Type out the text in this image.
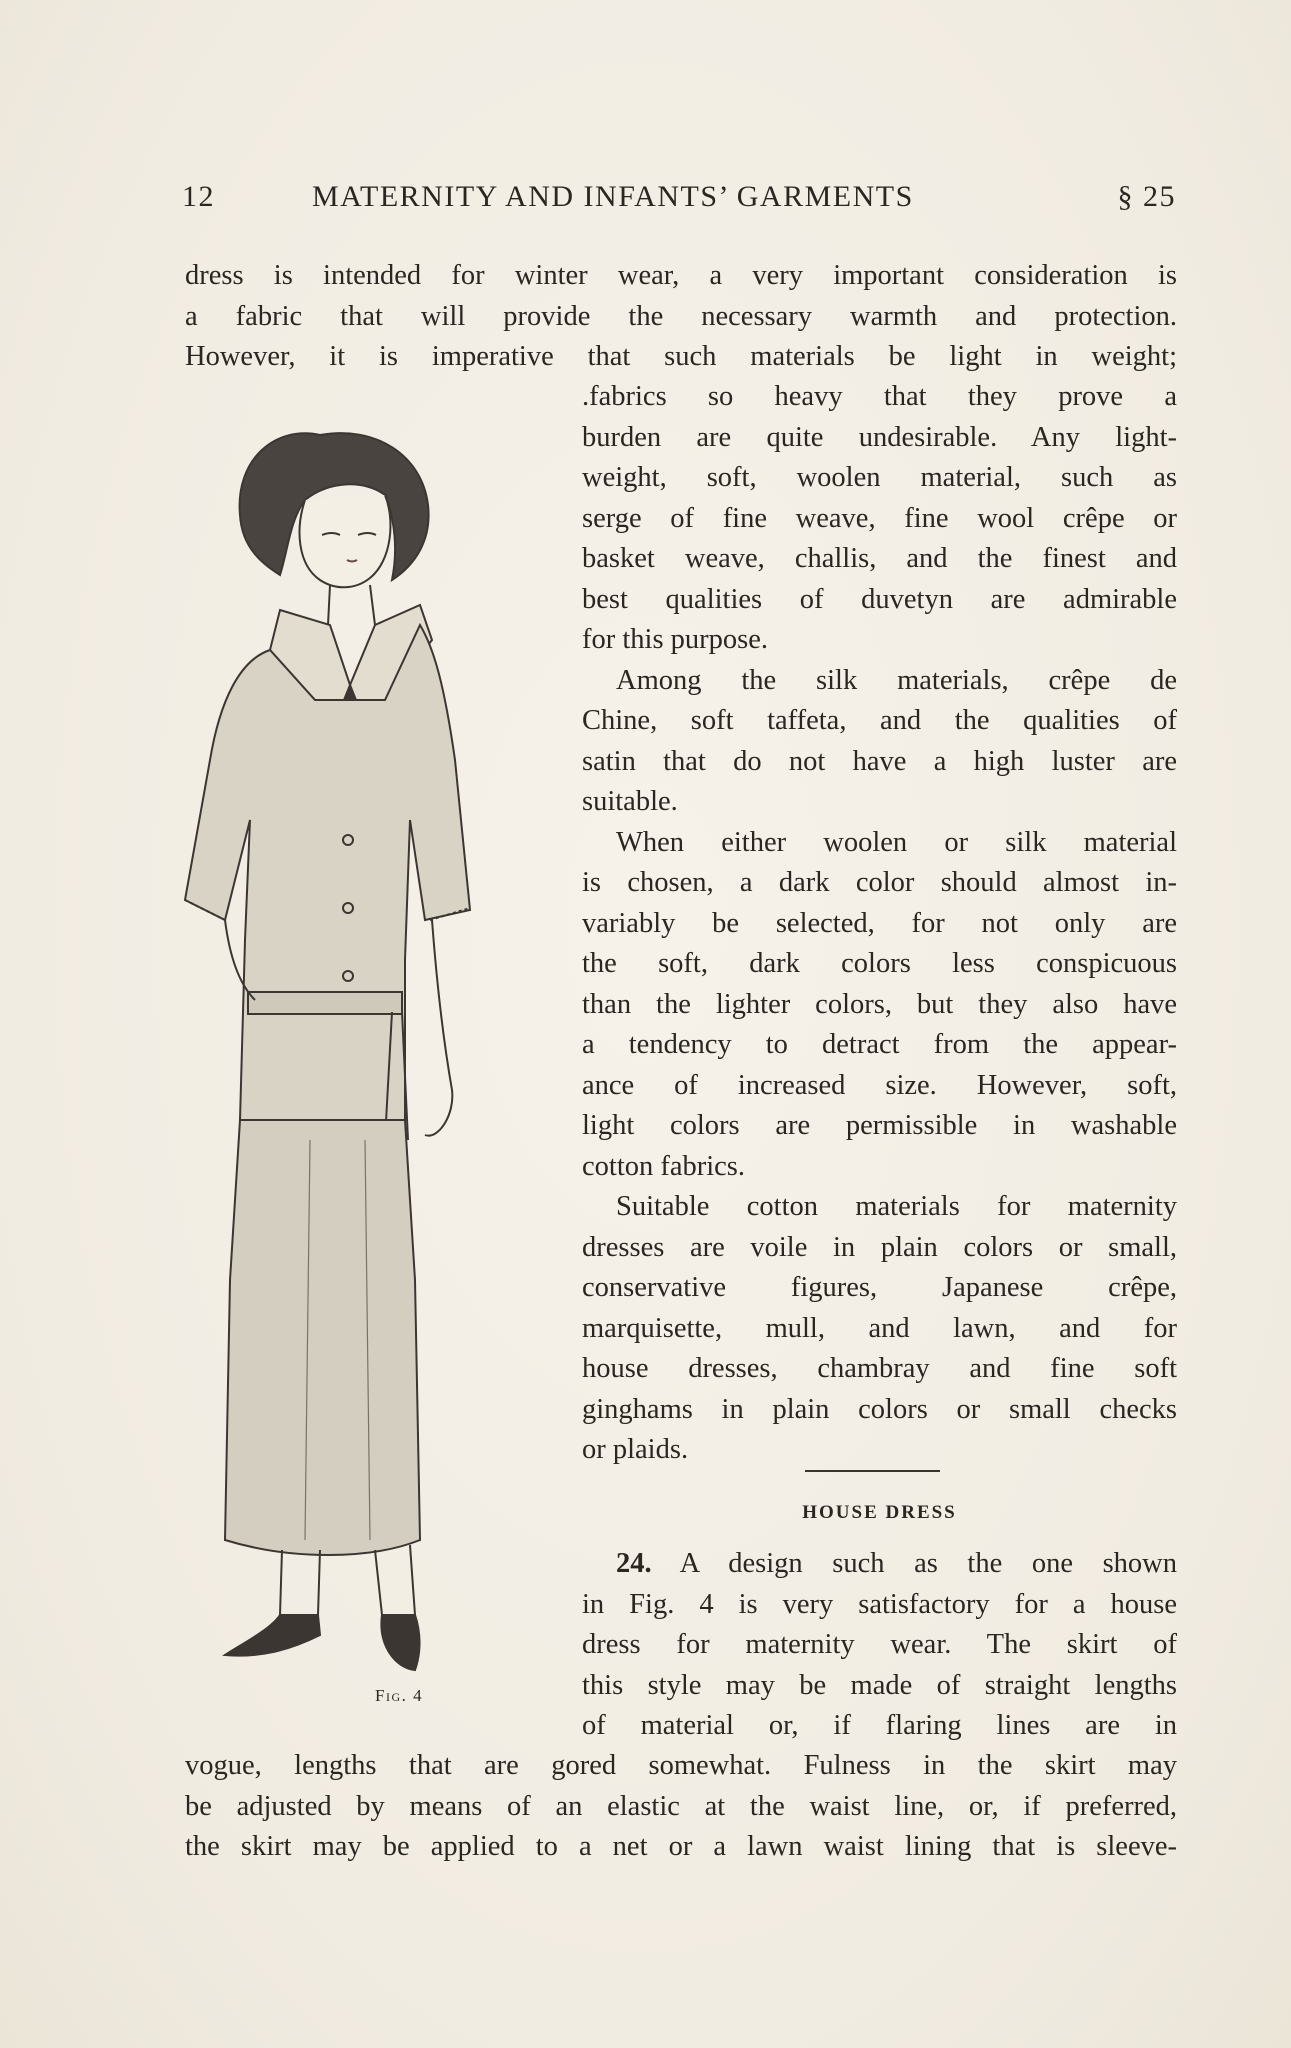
12	MATERNITY AND INFANTS’ GARMENTS	§ 25
dress is intended for winter wear, a very important consideration is
a fabric that will provide the necessary warmth and protection.
However, it is imperative that such materials be light in weight;
Fig. 4
.fabrics so heavy that they prove a
burden are quite undesirable. Any light-
weight, soft, woolen material, such as
serge of fine weave, fine wool crêpe or
basket weave, challis, and the finest and
best qualities of duvetyn are admirable
for this purpose.
Among the silk materials, crêpe de
Chine, soft taffeta, and the qualities of
satin that do not have a high luster are
suitable.
When either woolen or silk material
is chosen, a dark color should almost in-
variably be selected, for not only are
the soft, dark colors less conspicuous
than the lighter colors, but they also have
a tendency to detract from the appear-
ance of increased size. However, soft,
light colors are permissible in washable
cotton fabrics.
Suitable cotton materials for maternity
dresses are voile in plain colors or small,
conservative figures, Japanese crêpe,
marquisette, mull, and lawn, and for
house dresses, chambray and fine soft
ginghams in plain colors or small checks
or plaids.
HOUSE DRESS
24. A design such as the one shown
in Fig. 4 is very satisfactory for a house
dress for maternity wear. The skirt of
this style may be made of straight lengths
of material or, if flaring lines are in
vogue, lengths that are gored somewhat. Fulness in the skirt may
be adjusted by means of an elastic at the waist line, or, if preferred,
the skirt may be applied to a net or a lawn waist lining that is sleeve-
